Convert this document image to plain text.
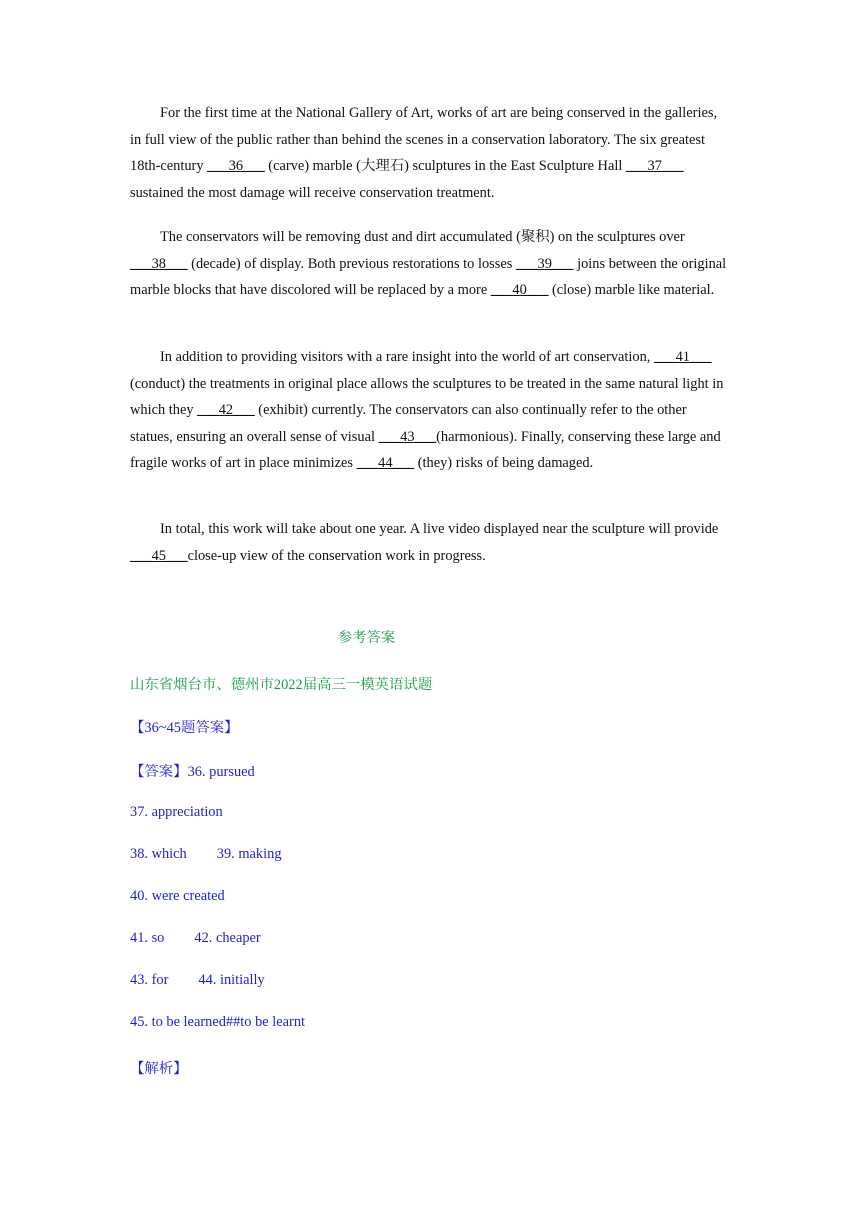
For the first time at the National Gallery of Art, works of art are being conserved in the galleries, in full view of the public rather than behind the scenes in a conservation laboratory. The six greatest 18th-century ___36___ (carve) marble (大理石) sculptures in the East Sculpture Hall ___37___ sustained the most damage will receive conservation treatment.

The conservators will be removing dust and dirt accumulated (聚积) on the sculptures over ___38___ (decade) of display. Both previous restorations to losses ___39___ joins between the original marble blocks that have discolored will be replaced by a more ___40___ (close) marble like material.

In addition to providing visitors with a rare insight into the world of art conservation, ___41___ (conduct) the treatments in original place allows the sculptures to be treated in the same natural light in which they ___42___ (exhibit) currently. The conservators can also continually refer to the other statues, ensuring an overall sense of visual ___43___(harmonious). Finally, conserving these large and fragile works of art in place minimizes ___44___ (they) risks of being damaged.

In total, this work will take about one year. A live video displayed near the sculpture will provide ___45___close-up view of the conservation work in progress.

参考答案
山东省烟台市、德州市2022届高三一模英语试题
【36~45题答案】
【答案】36. pursued
37. appreciation
38. which 39. making
40. were created
41. so 42. cheaper
43. for 44. initially
45. to be learned##to be learnt
【解析】
